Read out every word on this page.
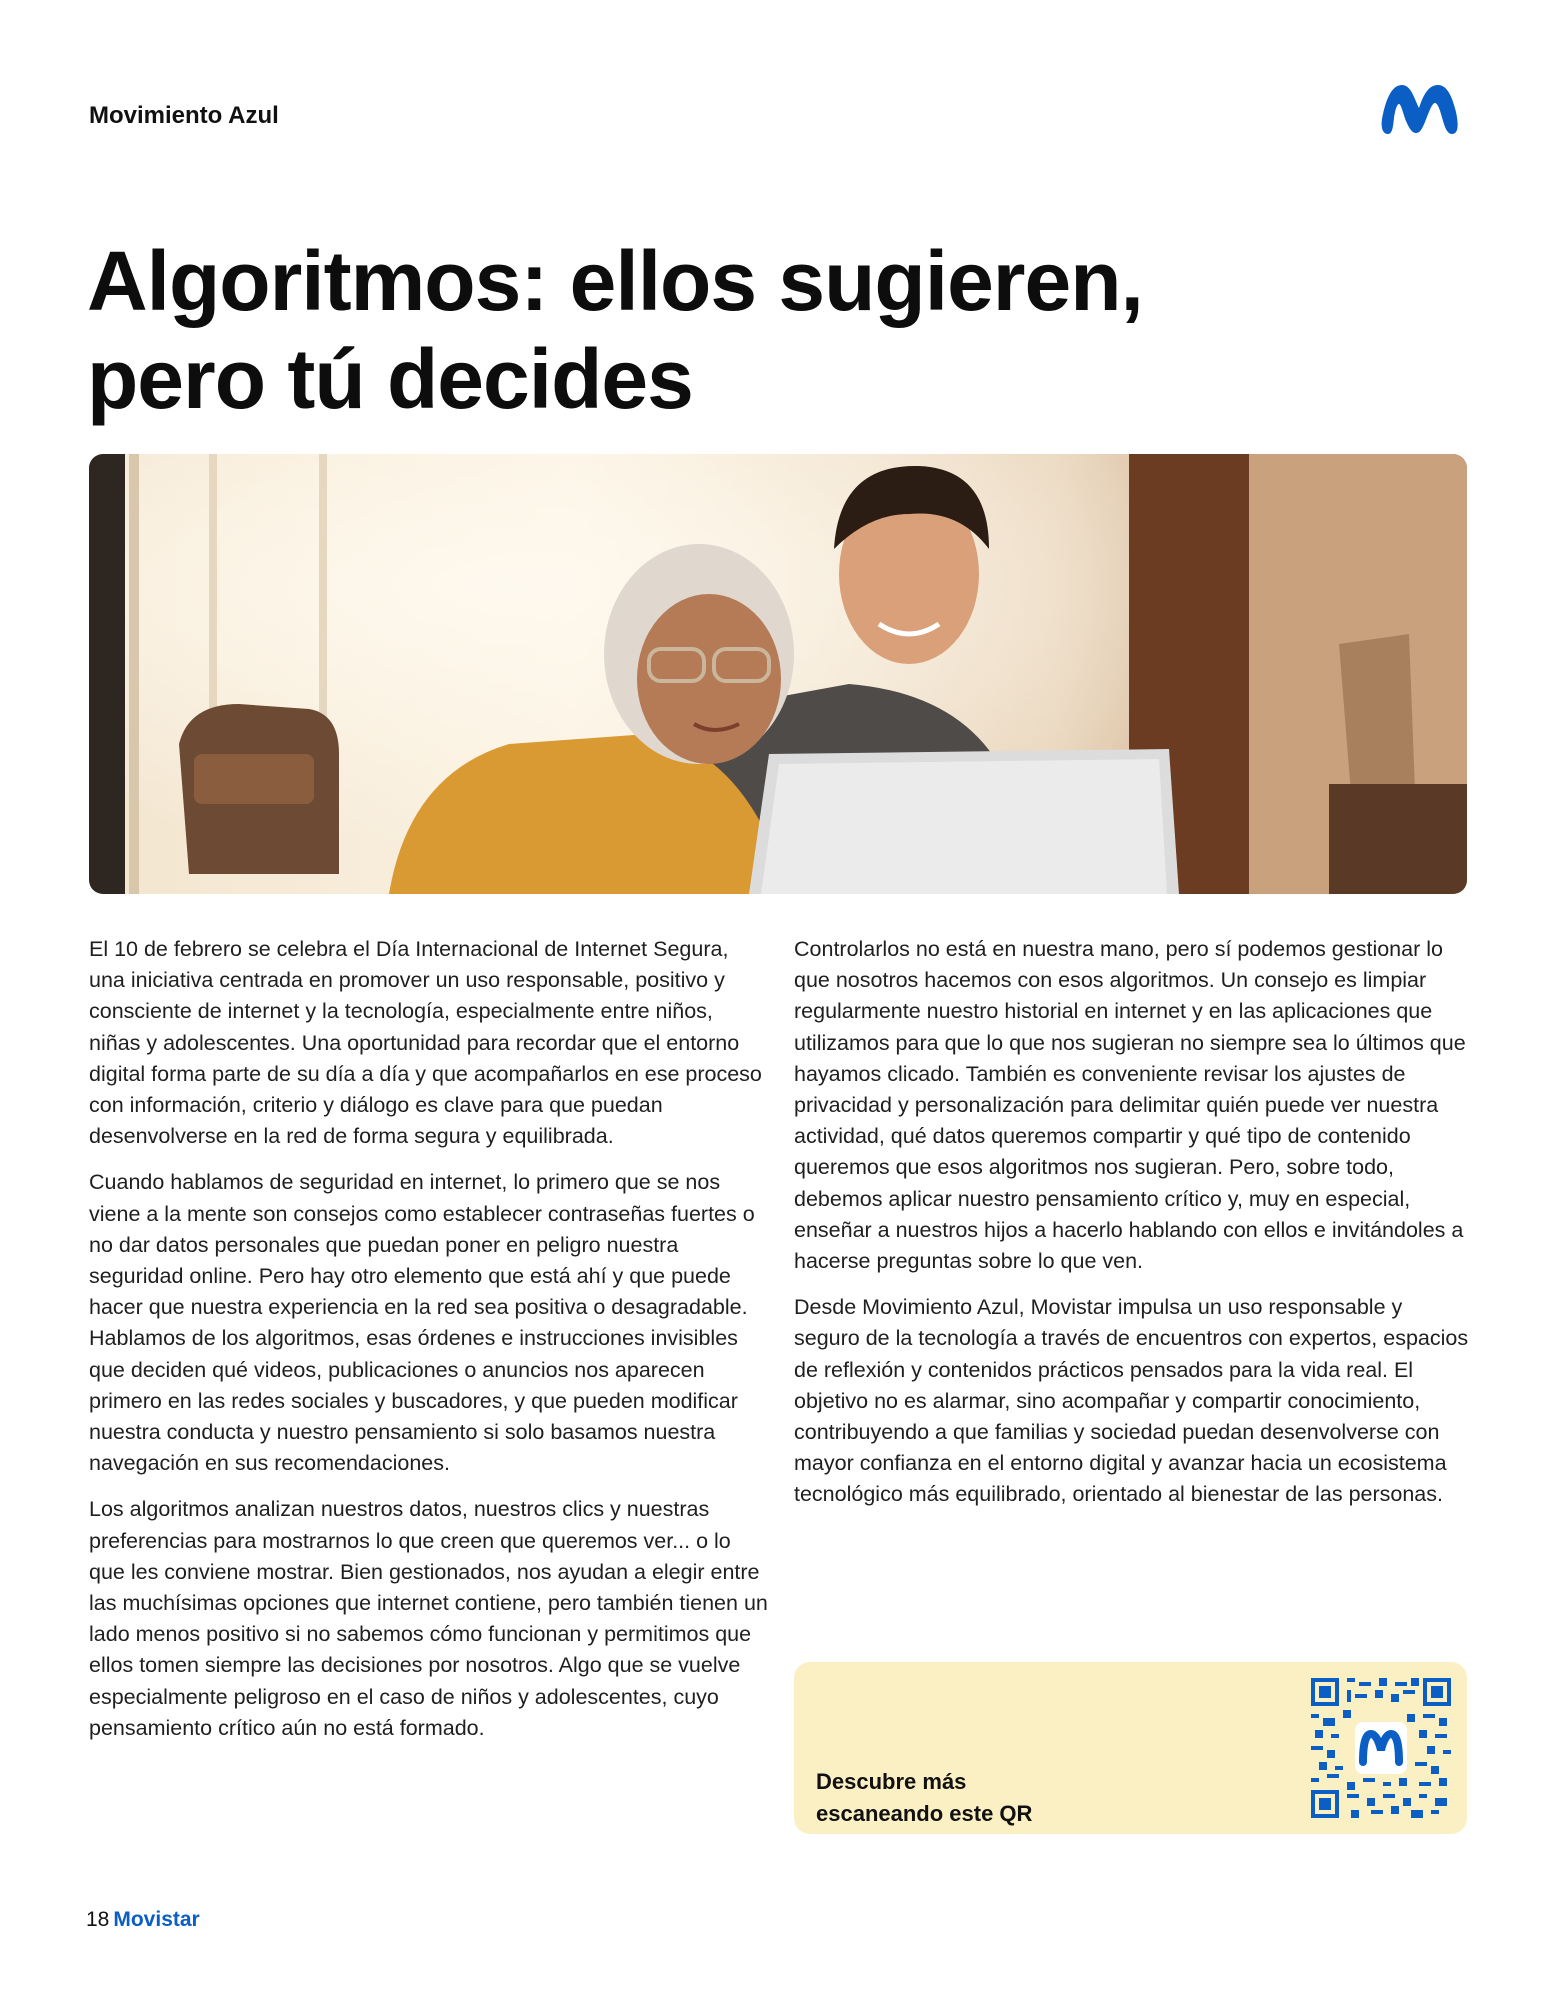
Movimiento Azul
Algoritmos: ellos sugieren,
pero tú decides

El 10 de febrero se celebra el Día Internacional de Internet Segura, una iniciativa centrada en promover un uso responsable, positivo y consciente de internet y la tecnología, especialmente entre niños, niñas y adolescentes. Una oportunidad para recordar que el entorno digital forma parte de su día a día y que acompañarlos en ese proceso con información, criterio y diálogo es clave para que puedan desenvolverse en la red de forma segura y equilibrada.

Cuando hablamos de seguridad en internet, lo primero que se nos viene a la mente son consejos como establecer contraseñas fuertes o no dar datos personales que puedan poner en peligro nuestra seguridad online. Pero hay otro elemento que está ahí y que puede hacer que nuestra experiencia en la red sea positiva o desagradable. Hablamos de los algoritmos, esas órdenes e instrucciones invisibles que deciden qué videos, publicaciones o anuncios nos aparecen primero en las redes sociales y buscadores, y que pueden modificar nuestra conducta y nuestro pensamiento si solo basamos nuestra navegación en sus recomendaciones.

Los algoritmos analizan nuestros datos, nuestros clics y nuestras preferencias para mostrarnos lo que creen que queremos ver... o lo que les conviene mostrar. Bien gestionados, nos ayudan a elegir entre las muchísimas opciones que internet contiene, pero también tienen un lado menos positivo si no sabemos cómo funcionan y permitimos que ellos tomen siempre las decisiones por nosotros. Algo que se vuelve especialmente peligroso en el caso de niños y adolescentes, cuyo pensamiento crítico aún no está formado.

Controlarlos no está en nuestra mano, pero sí podemos gestionar lo que nosotros hacemos con esos algoritmos. Un consejo es limpiar regularmente nuestro historial en internet y en las aplicaciones que utilizamos para que lo que nos sugieran no siempre sea lo últimos que hayamos clicado. También es conveniente revisar los ajustes de privacidad y personalización para delimitar quién puede ver nuestra actividad, qué datos queremos compartir y qué tipo de contenido queremos que esos algoritmos nos sugieran. Pero, sobre todo, debemos aplicar nuestro pensamiento crítico y, muy en especial, enseñar a nuestros hijos a hacerlo hablando con ellos e invitándoles a hacerse preguntas sobre lo que ven.

Desde Movimiento Azul, Movistar impulsa un uso responsable y seguro de la tecnología a través de encuentros con expertos, espacios de reflexión y contenidos prácticos pensados para la vida real. El objetivo no es alarmar, sino acompañar y compartir conocimiento, contribuyendo a que familias y sociedad puedan desenvolverse con mayor confianza en el entorno digital y avanzar hacia un ecosistema tecnológico más equilibrado, orientado al bienestar de las personas.

Descubre más
escaneando este QR
18 Movistar
